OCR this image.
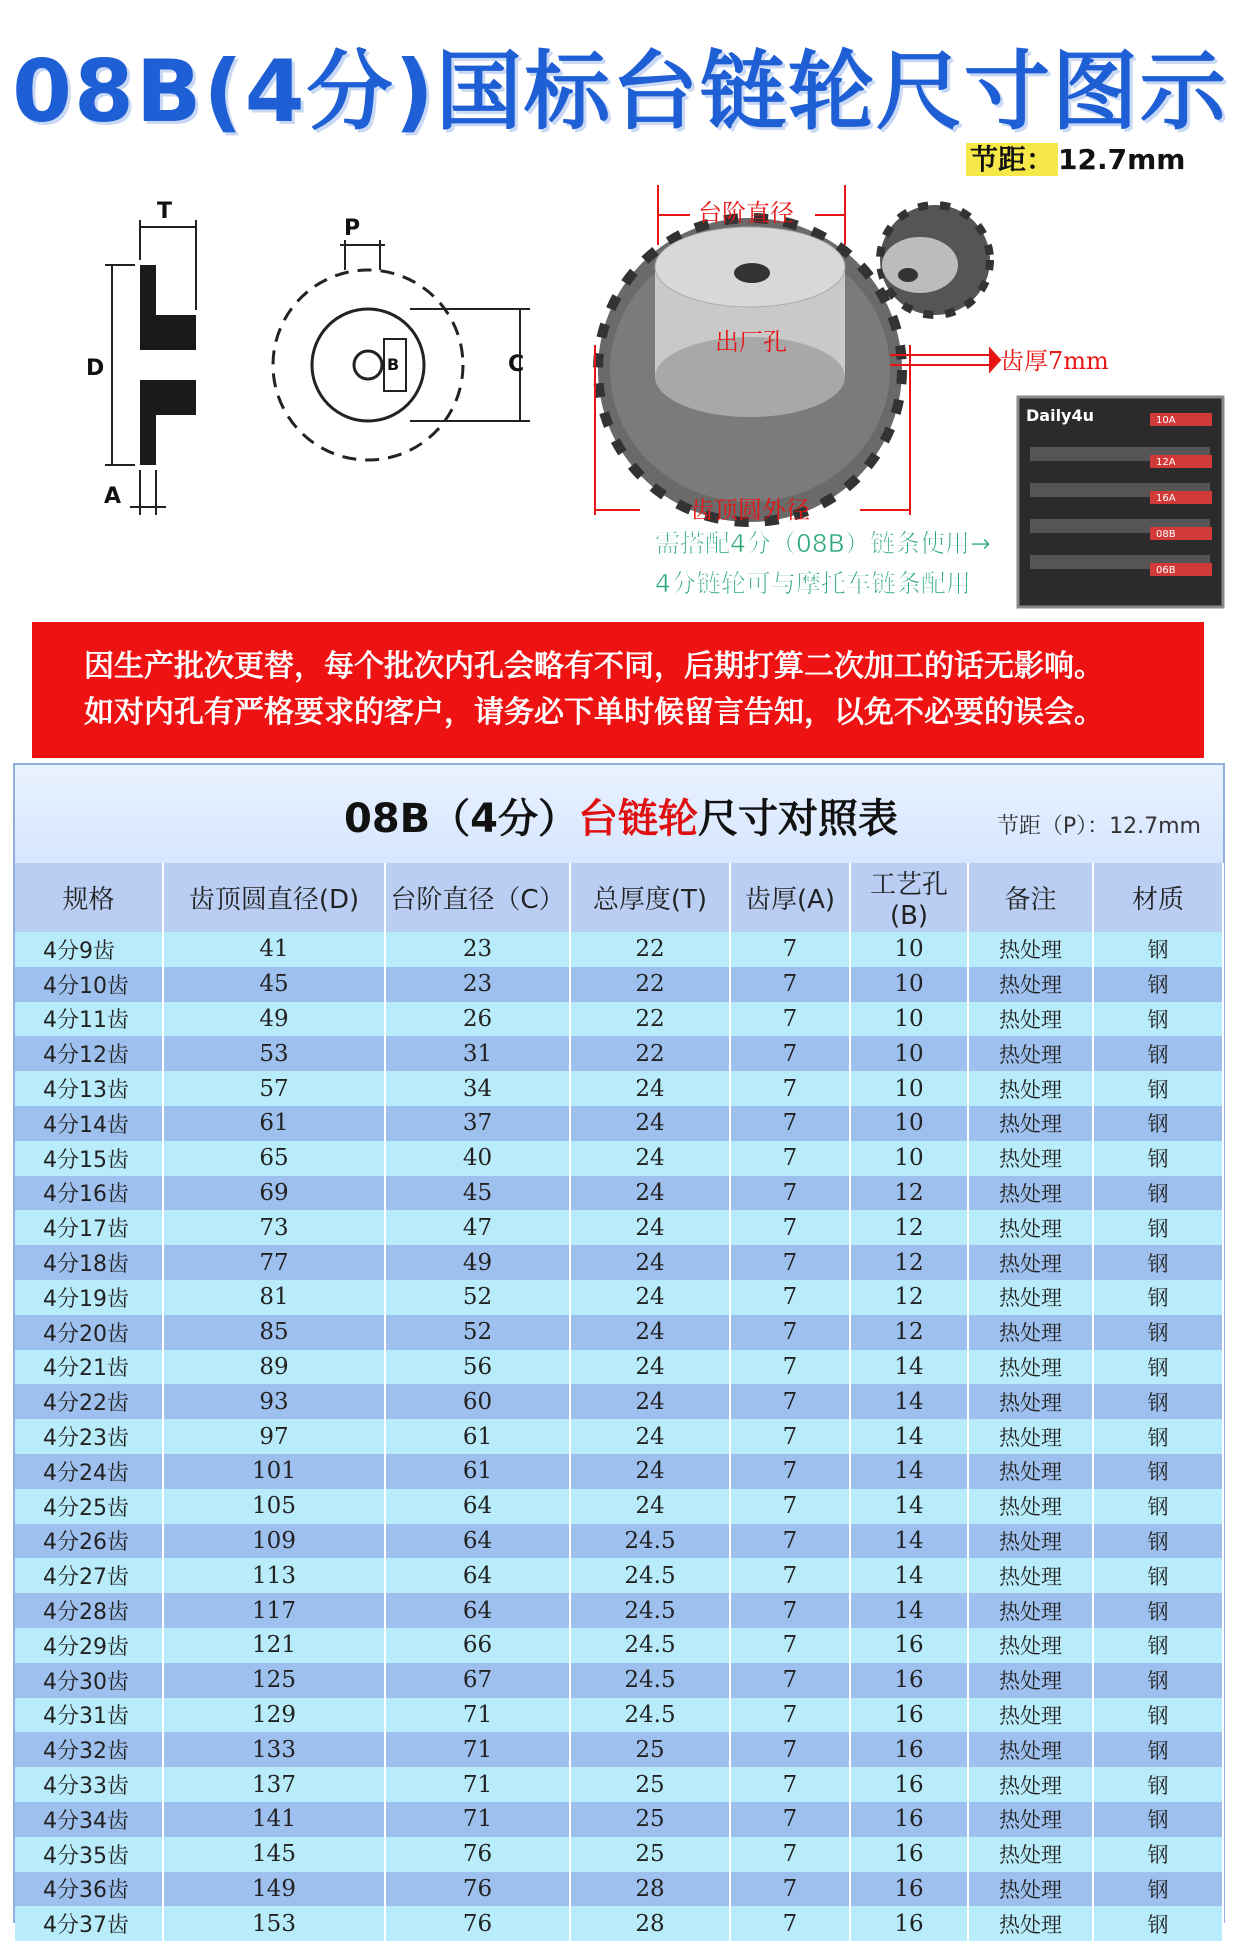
08B(4分)国标台链轮尺寸图示
节距： 12.7mm
T
D
A
P
B	C
台阶直径
出厂孔
齿厚7mm
齿顶圆外径
需搭配4分（08B）链条使用→
4分链轮可与摩托车链条配用
Daily4u	10A
12A
16A
08B
06B
因生产批次更替，每个批次内孔会略有不同，后期打算二次加工的话无影响。
如对内孔有严格要求的客户，请务必下单时候留言告知，以免不必要的误会。
08B（4分）台链轮尺寸对照表	节距（P）：12.7mm
规格	齿顶圆直径(D)	台阶直径（C）	总厚度(T)	齿厚(A)	工艺孔(B)	备注	材质
4分9齿	41	23	22	7	10	热处理	钢
4分10齿	45	23	22	7	10	热处理	钢
4分11齿	49	26	22	7	10	热处理	钢
4分12齿	53	31	22	7	10	热处理	钢
4分13齿	57	34	24	7	10	热处理	钢
4分14齿	61	37	24	7	10	热处理	钢
4分15齿	65	40	24	7	10	热处理	钢
4分16齿	69	45	24	7	12	热处理	钢
4分17齿	73	47	24	7	12	热处理	钢
4分18齿	77	49	24	7	12	热处理	钢
4分19齿	81	52	24	7	12	热处理	钢
4分20齿	85	52	24	7	12	热处理	钢
4分21齿	89	56	24	7	14	热处理	钢
4分22齿	93	60	24	7	14	热处理	钢
4分23齿	97	61	24	7	14	热处理	钢
4分24齿	101	61	24	7	14	热处理	钢
4分25齿	105	64	24	7	14	热处理	钢
4分26齿	109	64	24.5	7	14	热处理	钢
4分27齿	113	64	24.5	7	14	热处理	钢
4分28齿	117	64	24.5	7	14	热处理	钢
4分29齿	121	66	24.5	7	16	热处理	钢
4分30齿	125	67	24.5	7	16	热处理	钢
4分31齿	129	71	24.5	7	16	热处理	钢
4分32齿	133	71	25	7	16	热处理	钢
4分33齿	137	71	25	7	16	热处理	钢
4分34齿	141	71	25	7	16	热处理	钢
4分35齿	145	76	25	7	16	热处理	钢
4分36齿	149	76	28	7	16	热处理	钢
4分37齿	153	76	28	7	16	热处理	钢
